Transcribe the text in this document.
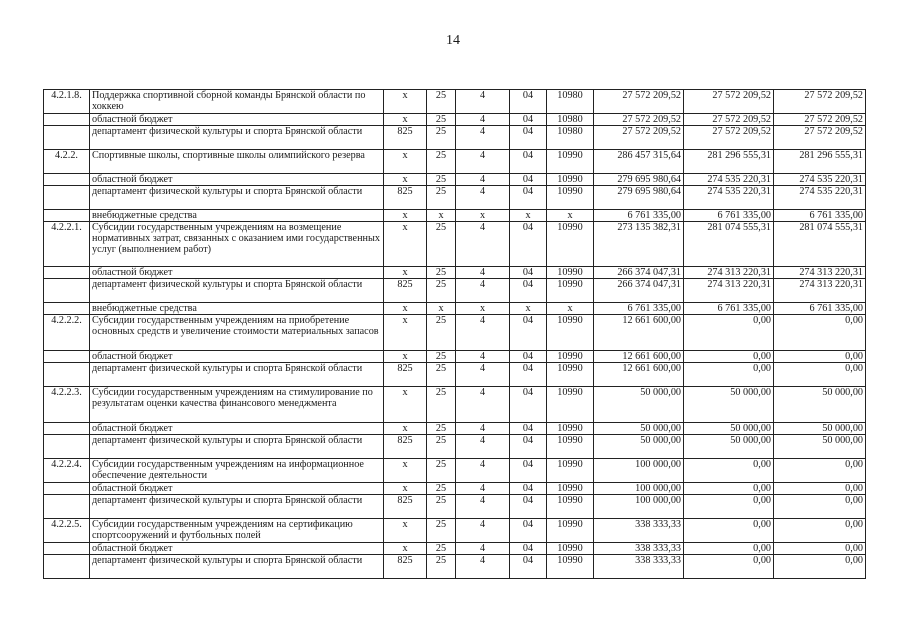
14
4.2.1.8.	Поддержка спортивной сборной команды Брянской области по хоккею	х	25	4	04	10980	27 572 209,52	27 572 209,52	27 572 209,52
	областной бюджет	х	25	4	04	10980	27 572 209,52	27 572 209,52	27 572 209,52
	департамент физической культуры и спорта Брянской области	825	25	4	04	10980	27 572 209,52	27 572 209,52	27 572 209,52
4.2.2.	Спортивные школы, спортивные школы олимпийского резерва	х	25	4	04	10990	286 457 315,64	281 296 555,31	281 296 555,31
	областной бюджет	х	25	4	04	10990	279 695 980,64	274 535 220,31	274 535 220,31
	департамент физической культуры и спорта Брянской области	825	25	4	04	10990	279 695 980,64	274 535 220,31	274 535 220,31
	внебюджетные средства	х	х	х	х	х	6 761 335,00	6 761 335,00	6 761 335,00
4.2.2.1.	Субсидии государственным учреждениям на возмещение нормативных затрат, связанных с оказанием ими государственных услуг (выполнением работ)	х	25	4	04	10990	273 135 382,31	281 074 555,31	281 074 555,31
	областной бюджет	х	25	4	04	10990	266 374 047,31	274 313 220,31	274 313 220,31
	департамент физической культуры и спорта Брянской области	825	25	4	04	10990	266 374 047,31	274 313 220,31	274 313 220,31
	внебюджетные средства	х	х	х	х	х	6 761 335,00	6 761 335,00	6 761 335,00
4.2.2.2.	Субсидии государственным учреждениям на приобретение основных средств и увеличение стоимости материальных запасов	х	25	4	04	10990	12 661 600,00	0,00	0,00
	областной бюджет	х	25	4	04	10990	12 661 600,00	0,00	0,00
	департамент физической культуры и спорта Брянской области	825	25	4	04	10990	12 661 600,00	0,00	0,00
4.2.2.3.	Субсидии государственным учреждениям на стимулирование по результатам оценки качества финансового менеджмента	х	25	4	04	10990	50 000,00	50 000,00	50 000,00
	областной бюджет	х	25	4	04	10990	50 000,00	50 000,00	50 000,00
	департамент физической культуры и спорта Брянской области	825	25	4	04	10990	50 000,00	50 000,00	50 000,00
4.2.2.4.	Субсидии государственным учреждениям на информационное обеспечение деятельности	х	25	4	04	10990	100 000,00	0,00	0,00
	областной бюджет	х	25	4	04	10990	100 000,00	0,00	0,00
	департамент физической культуры и спорта Брянской области	825	25	4	04	10990	100 000,00	0,00	0,00
4.2.2.5.	Субсидии государственным учреждениям на сертификацию спортсооружений и футбольных полей	х	25	4	04	10990	338 333,33	0,00	0,00
	областной бюджет	х	25	4	04	10990	338 333,33	0,00	0,00
	департамент физической культуры и спорта Брянской области	825	25	4	04	10990	338 333,33	0,00	0,00
